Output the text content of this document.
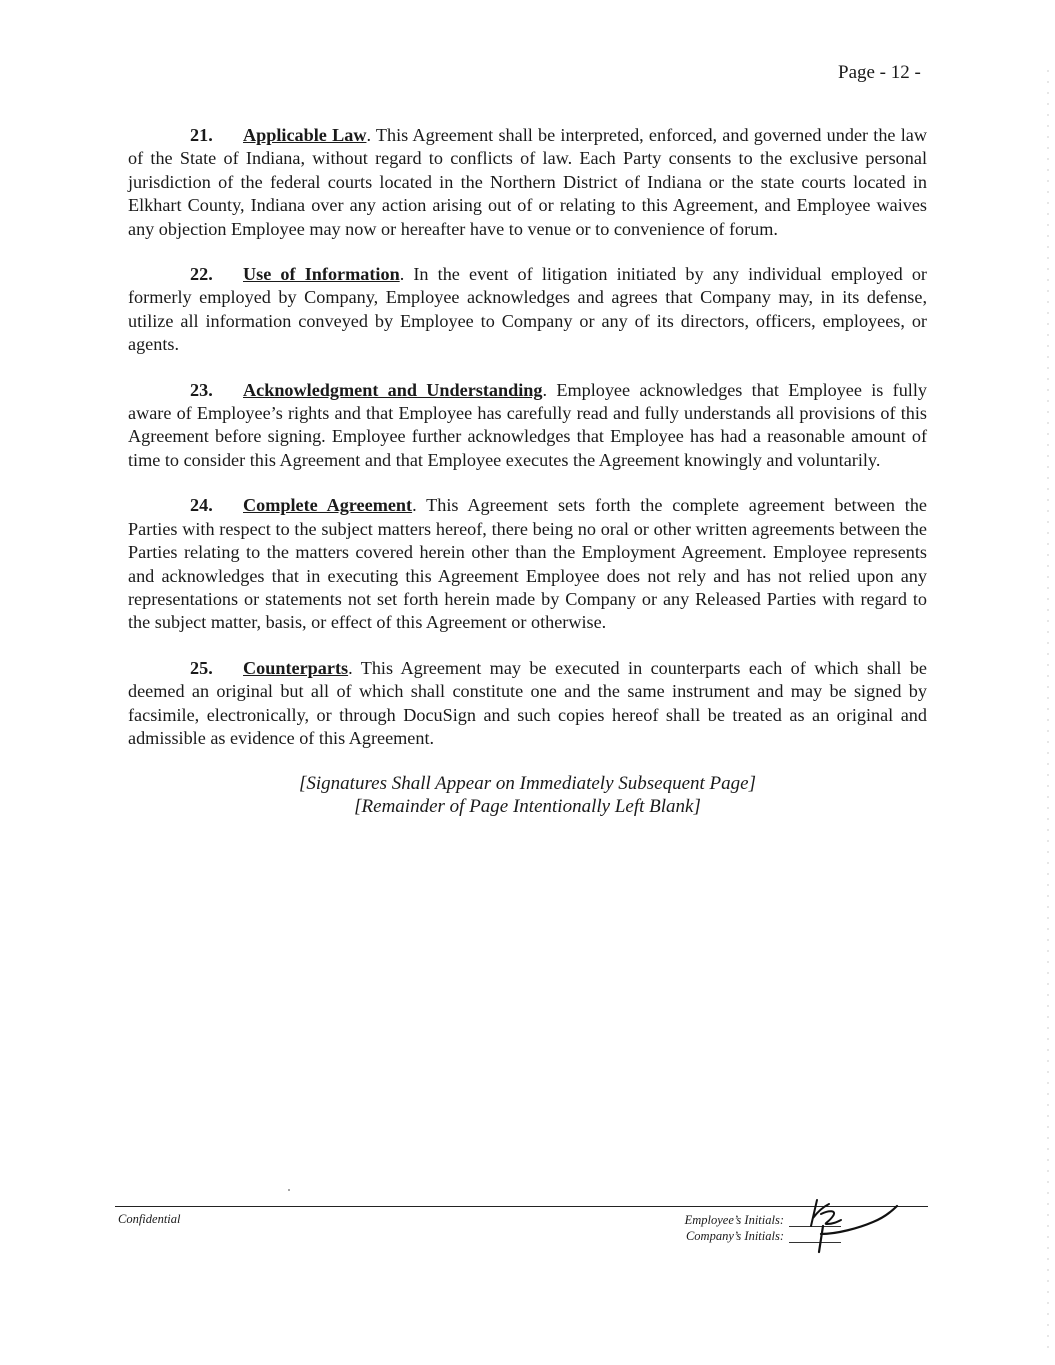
Page - 12 -

21. Applicable Law. This Agreement shall be interpreted, enforced, and governed under the law of the State of Indiana, without regard to conflicts of law. Each Party consents to the exclusive personal jurisdiction of the federal courts located in the Northern District of Indiana or the state courts located in Elkhart County, Indiana over any action arising out of or relating to this Agreement, and Employee waives any objection Employee may now or hereafter have to venue or to convenience of forum.

22. Use of Information. In the event of litigation initiated by any individual employed or formerly employed by Company, Employee acknowledges and agrees that Company may, in its defense, utilize all information conveyed by Employee to Company or any of its directors, officers, employees, or agents.

23. Acknowledgment and Understanding. Employee acknowledges that Employee is fully aware of Employee’s rights and that Employee has carefully read and fully understands all provisions of this Agreement before signing. Employee further acknowledges that Employee has had a reasonable amount of time to consider this Agreement and that Employee executes the Agreement knowingly and voluntarily.

24. Complete Agreement. This Agreement sets forth the complete agreement between the Parties with respect to the subject matters hereof, there being no oral or other written agreements between the Parties relating to the matters covered herein other than the Employment Agreement. Employee represents and acknowledges that in executing this Agreement Employee does not rely and has not relied upon any representations or statements not set forth herein made by Company or any Released Parties with regard to the subject matter, basis, or effect of this Agreement or otherwise.

25. Counterparts. This Agreement may be executed in counterparts each of which shall be deemed an original but all of which shall constitute one and the same instrument and may be signed by facsimile, electronically, or through DocuSign and such copies hereof shall be treated as an original and admissible as evidence of this Agreement.

[Signatures Shall Appear on Immediately Subsequent Page]

[Remainder of Page Intentionally Left Blank]

Confidential	Employee’s Initials:
Company’s Initials:
